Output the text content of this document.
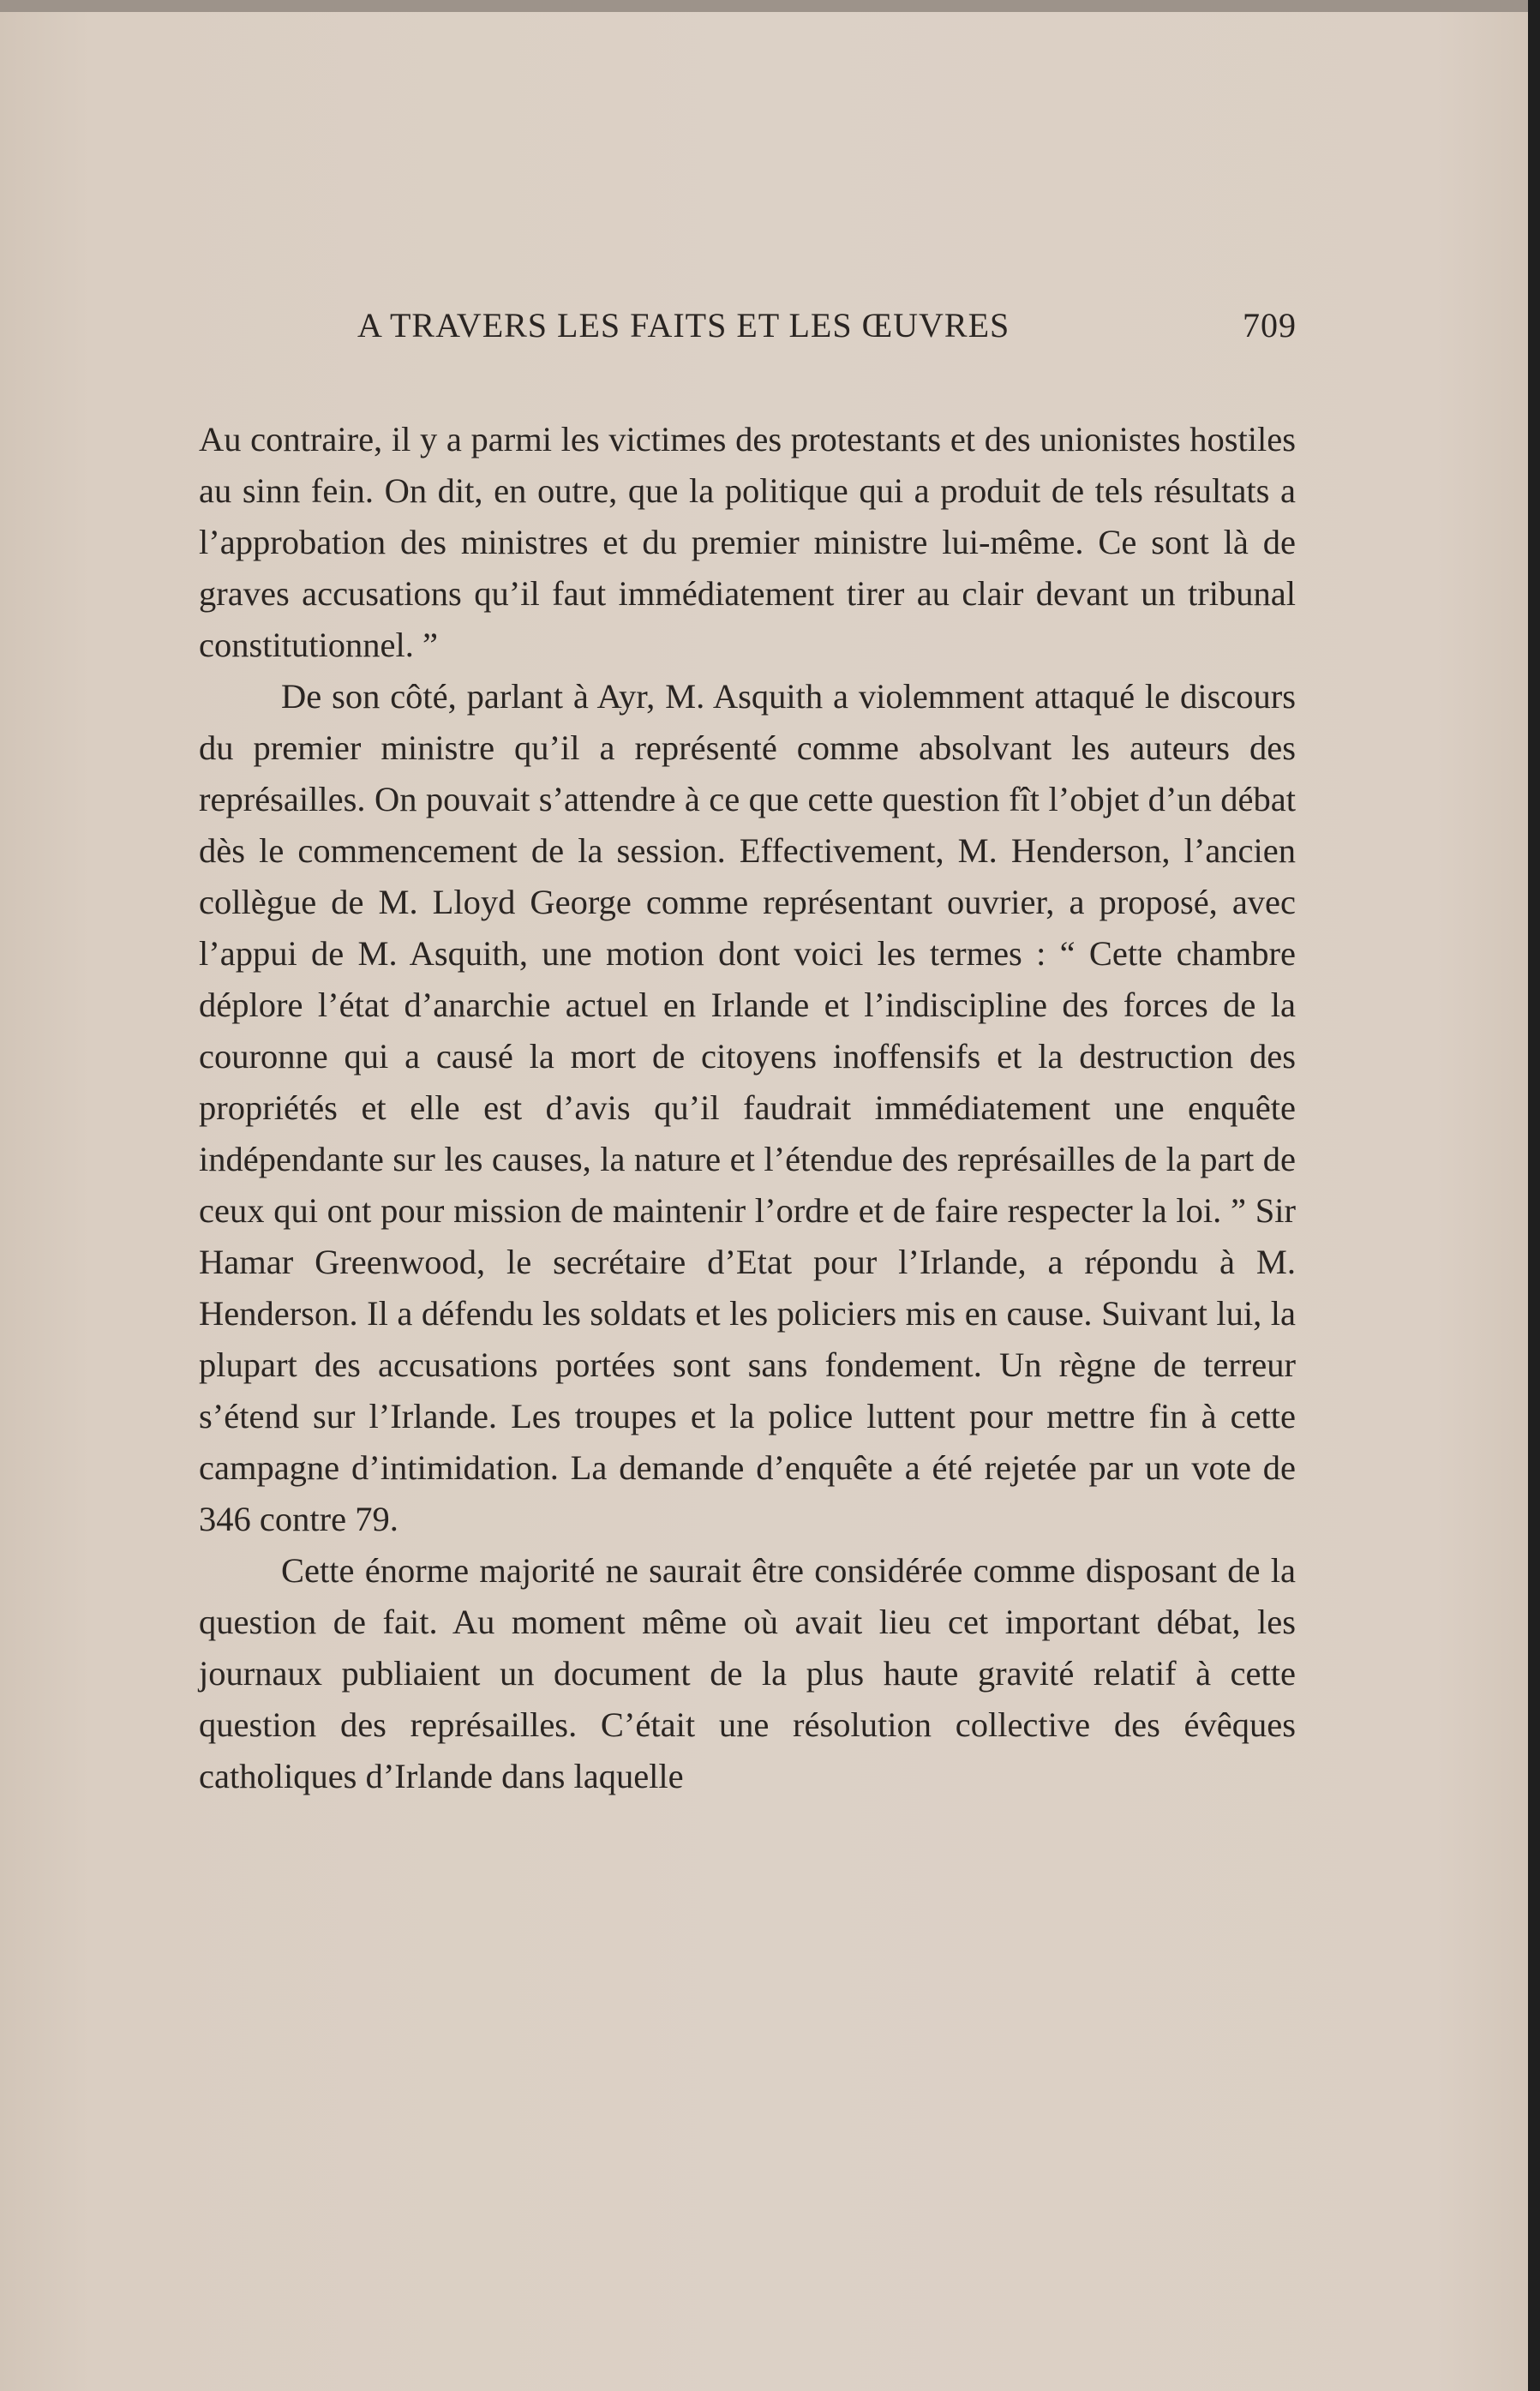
A TRAVERS LES FAITS ET LES ŒUVRES	709

Au contraire, il y a parmi les victimes des protestants et des unionistes hostiles au sinn fein. On dit, en outre, que la politique qui a produit de tels résultats a l’approbation des ministres et du premier ministre lui-même. Ce sont là de graves accusations qu’il faut immédiatement tirer au clair devant un tribunal constitutionnel. ”

De son côté, parlant à Ayr, M. Asquith a violemment attaqué le discours du premier ministre qu’il a représenté comme absolvant les auteurs des représailles. On pouvait s’attendre à ce que cette question fît l’objet d’un débat dès le commencement de la session. Effectivement, M. Henderson, l’ancien collègue de M. Lloyd George comme représentant ouvrier, a proposé, avec l’appui de M. Asquith, une motion dont voici les termes : “ Cette chambre déplore l’état d’anarchie actuel en Irlande et l’indiscipline des forces de la couronne qui a causé la mort de citoyens inoffensifs et la destruction des propriétés et elle est d’avis qu’il faudrait immédiatement une enquête indépendante sur les causes, la nature et l’étendue des représailles de la part de ceux qui ont pour mission de maintenir l’ordre et de faire respecter la loi. ” Sir Hamar Greenwood, le secrétaire d’Etat pour l’Irlande, a répondu à M. Henderson. Il a défendu les soldats et les policiers mis en cause. Suivant lui, la plupart des accusations portées sont sans fondement. Un règne de terreur s’étend sur l’Irlande. Les troupes et la police luttent pour mettre fin à cette campagne d’intimidation. La demande d’enquête a été rejetée par un vote de 346 contre 79.

Cette énorme majorité ne saurait être considérée comme disposant de la question de fait. Au moment même où avait lieu cet important débat, les journaux publiaient un document de la plus haute gravité relatif à cette question des représailles. C’était une résolution collective des évêques catholiques d’Irlande dans laquelle
